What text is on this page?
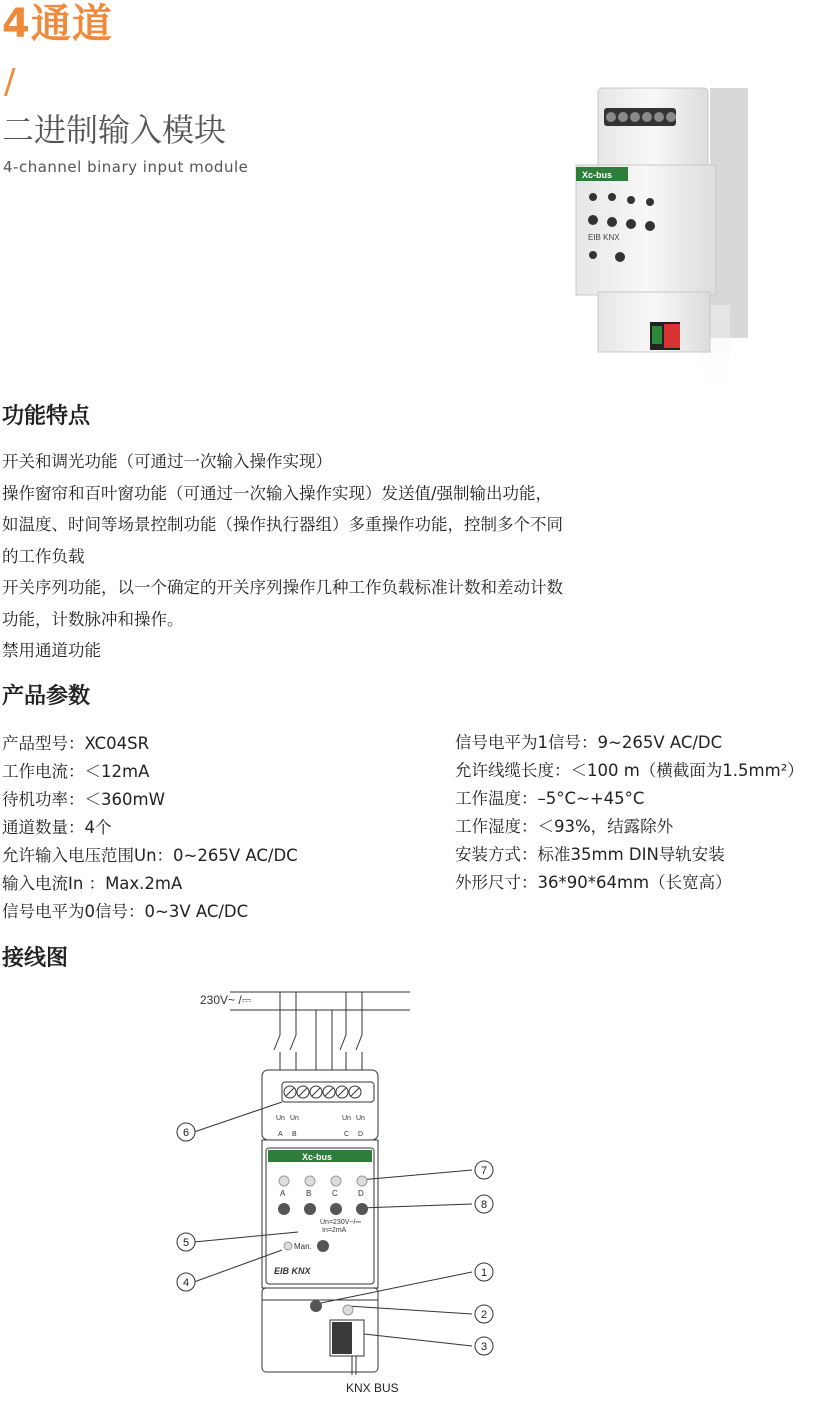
4通道
/
二进制输入模块
4-channel binary input module	Xc-bus
EIB KNX
功能特点
开关和调光功能（可通过一次输入操作实现）
操作窗帘和百叶窗功能（可通过一次输入操作实现）发送值/强制输出功能，
如温度、时间等场景控制功能（操作执行器组）多重操作功能，控制多个不同
的工作负载
开关序列功能，以一个确定的开关序列操作几种工作负载标准计数和差动计数
功能，计数脉冲和操作。
禁用通道功能
产品参数
产品型号：XC04SR
工作电流：＜12mA
待机功率：＜360mW
通道数量：4个
允许输入电压范围Un：0~265V AC/DC
输入电流In ：Max.2mA
信号电平为0信号：0~3V AC/DC
信号电平为1信号：9~265V AC/DC
允许线缆长度：＜100 m（横截面为1.5mm²）
工作温度：–5°C~+45°C
工作湿度：＜93%，结露除外
安装方式：标准35mm DIN导轨安装
外形尺寸：36*90*64mm（长宽高）
接线图
Xc-bus
230V~ /⎓
A	B	C	D
Un=230V~/⎓
In=2mA
Man.
EIB KNX
Un Un	Un Un
A B	C D
KNX BUS
6
5
4
7
8
1
2
3
